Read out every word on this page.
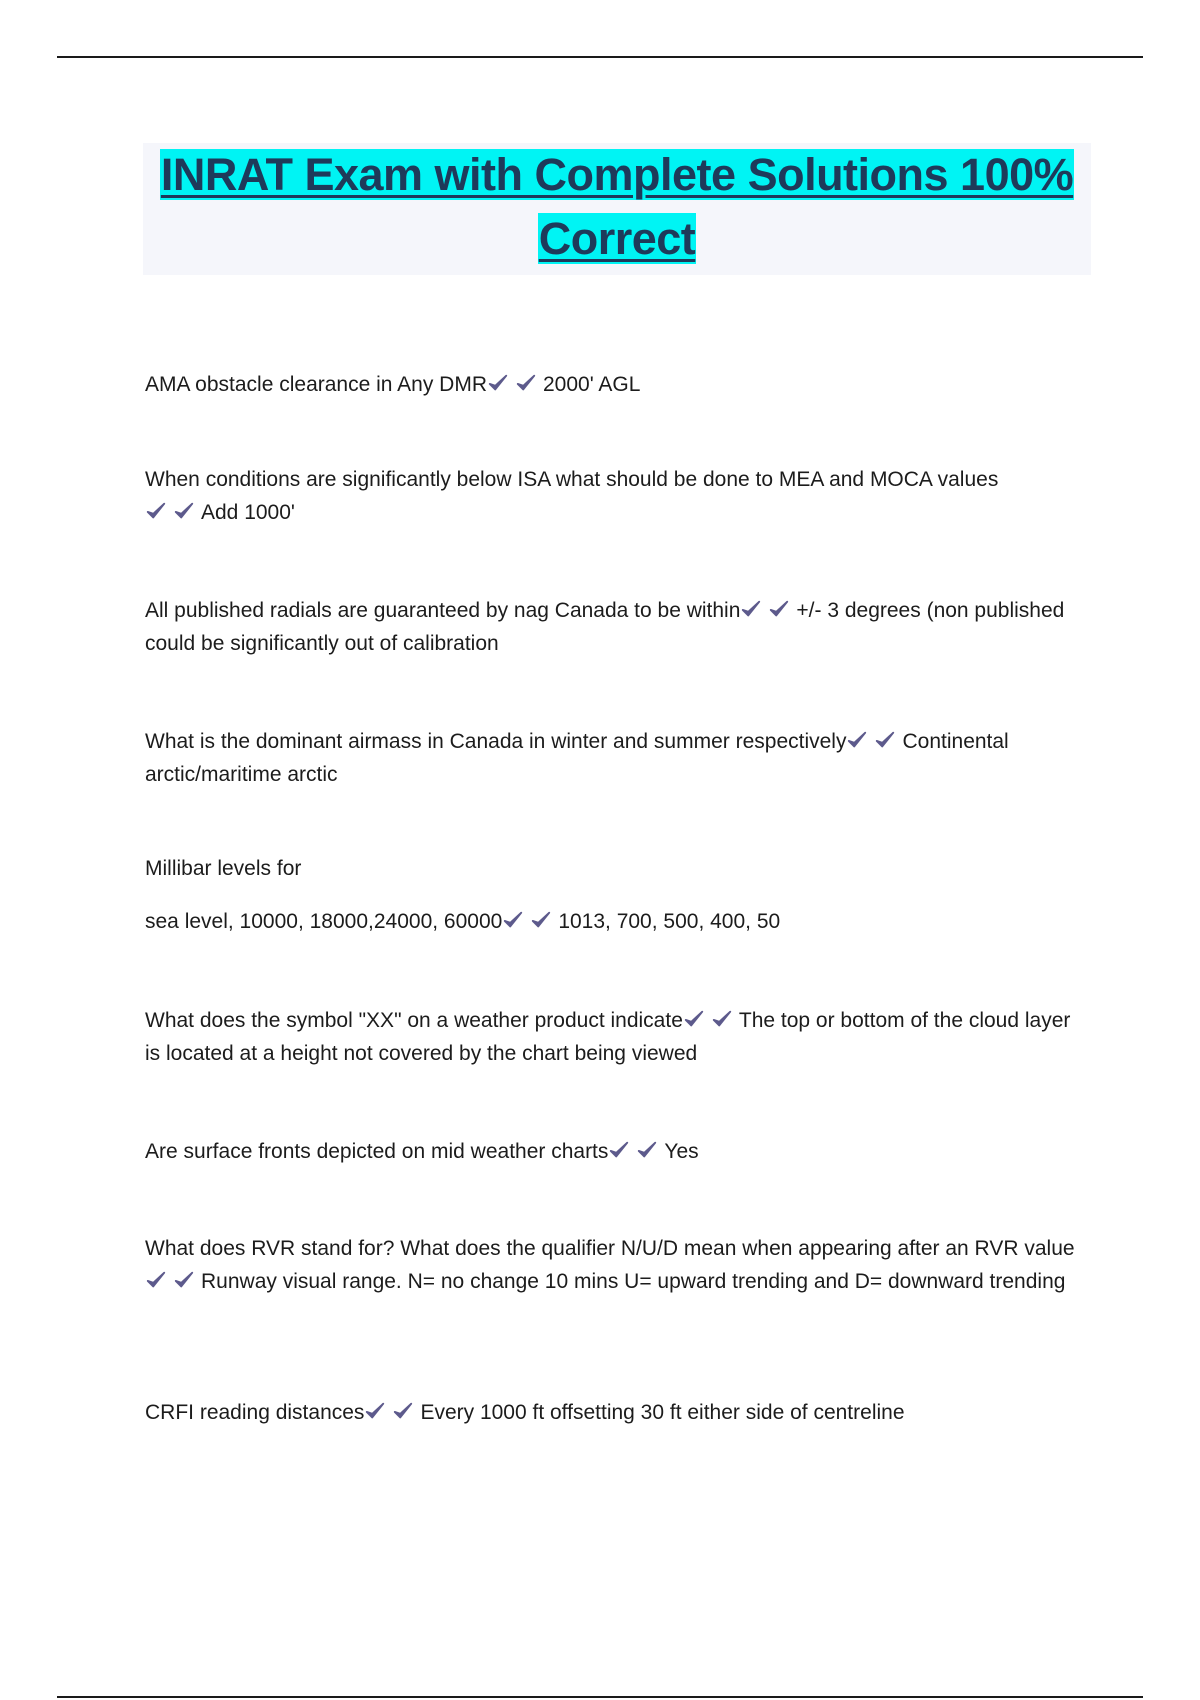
INRAT Exam with Complete Solutions 100%
Correct

AMA obstacle clearance in Any DMR	2000' AGL

When conditions are significantly below ISA what should be done to MEA and MOCA values

Add 1000'

All published radials are guaranteed by nag Canada to be within	+/- 3 degrees (non published could be significantly out of calibration

What is the dominant airmass in Canada in winter and summer respectively	Continental arctic/maritime arctic

Millibar levels for

sea level, 10000, 18000,24000, 60000	1013, 700, 500, 400, 50

What does the symbol "XX" on a weather product indicate	The top or bottom of the cloud layer is located at a height not covered by the chart being viewed

Are surface fronts depicted on mid weather charts	Yes

What does RVR stand for? What does the qualifier N/U/D mean when appearing after an RVR value
Runway visual range. N= no change 10 mins U= upward trending and D= downward trending

CRFI reading distances	Every 1000 ft offsetting 30 ft either side of centreline
